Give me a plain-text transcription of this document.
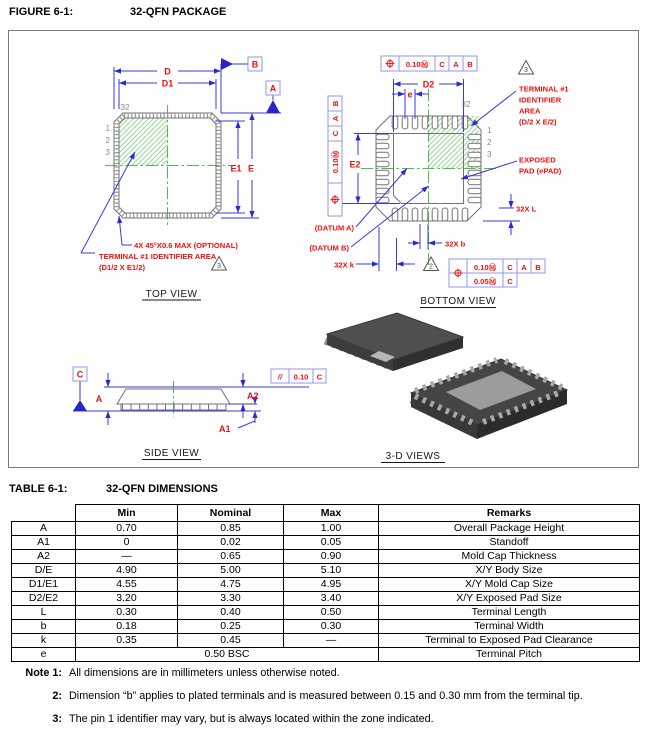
FIGURE 6-1:	32-QFN PACKAGE
B
A
C
D
D1
E1 E
32
1
2
3
4X 45°X0.6 MAX (OPTIONAL)
TERMINAL #1 IDENTIFIER AREA
(D1/2 X E1/2)	3
TOP VIEW
0.10Ⓜ C A B
B
A
C
0.10Ⓜ
0.10Ⓜ C A B
0.05Ⓜ C
2
D2
e
E2
32
1
2
3
3
TERMINAL #1
IDENTIFIER
AREA
(D/2 X E/2)
EXPOSED
PAD (ePAD)
32X L
32X k
32X b
(DATUM A)
(DATUM B)
BOTTOM VIEW
A	A2
A1
// 0.10 C
SIDE VIEW	3-D VIEWS
TABLE 6-1:	32-QFN DIMENSIONS
	Min	Nominal	Max	Remarks
A	0.70	0.85	1.00	Overall Package Height
A1	0	0.02	0.05	Standoff
A2	—	0.65	0.90	Mold Cap Thickness
D/E	4.90	5.00	5.10	X/Y Body Size
D1/E1	4.55	4.75	4.95	X/Y Mold Cap Size
D2/E2	3.20	3.30	3.40	X/Y Exposed Pad Size
L	0.30	0.40	0.50	Terminal Length
b	0.18	0.25	0.30	Terminal Width
k	0.35	0.45	—	Terminal to Exposed Pad Clearance
e	0.50 BSC			Terminal Pitch
Note 1: All dimensions are in millimeters unless otherwise noted.
2: Dimension “b” applies to plated terminals and is measured between 0.15 and 0.30 mm from the terminal tip.
3: The pin 1 identifier may vary, but is always located within the zone indicated.
